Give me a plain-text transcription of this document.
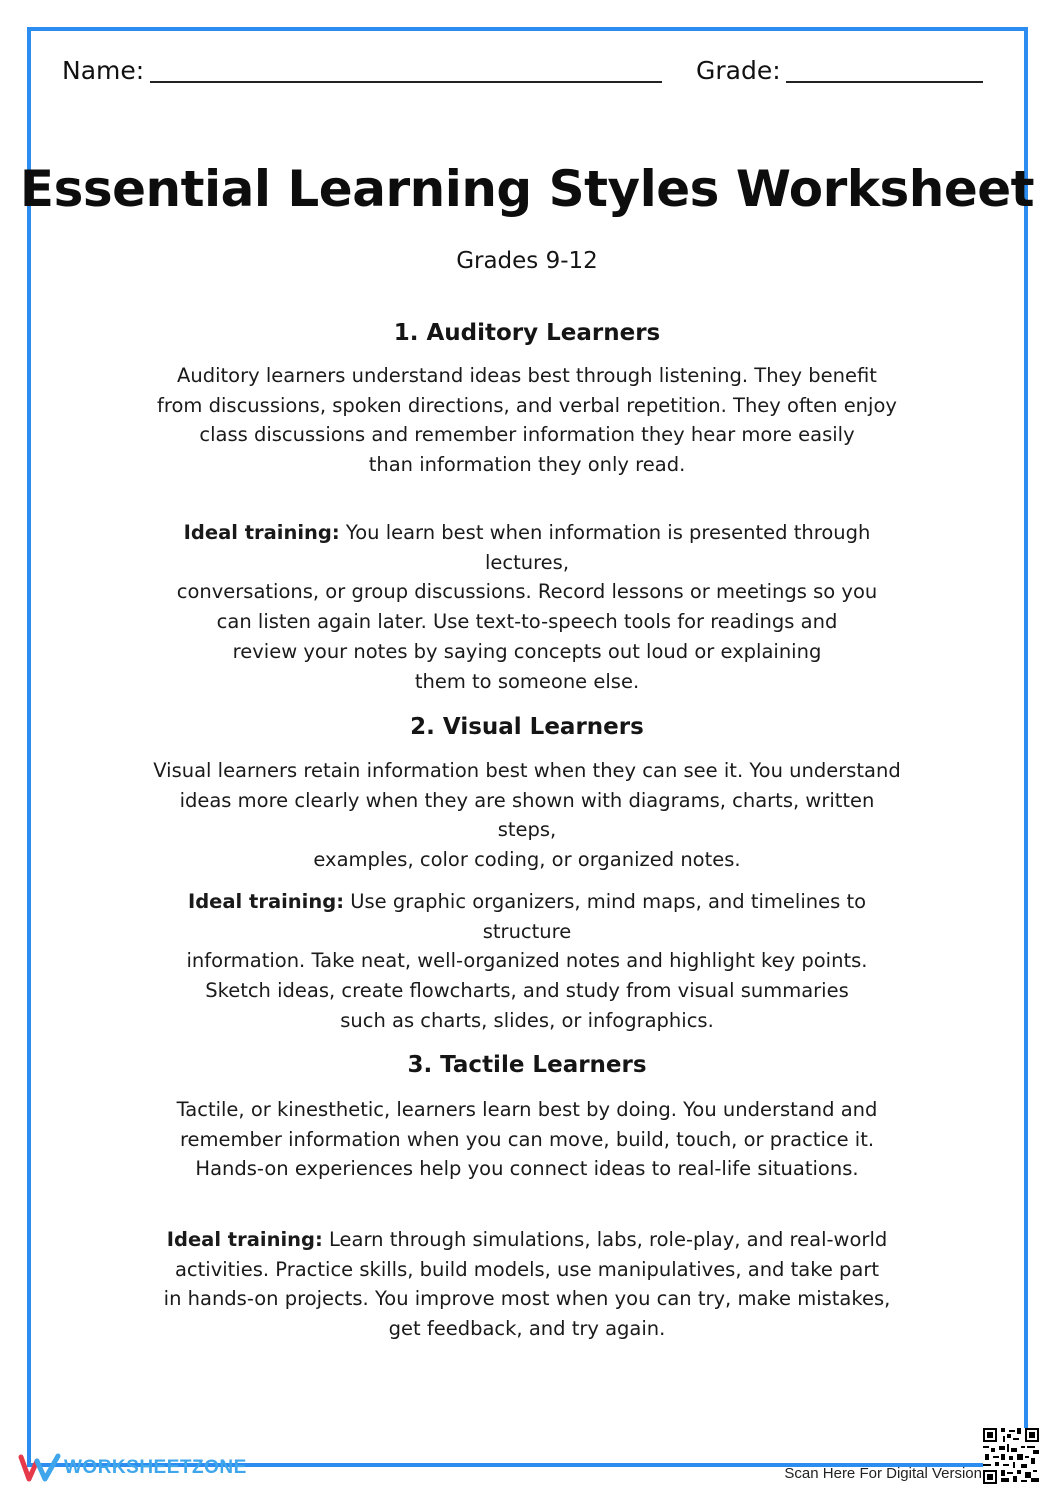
Name:	Grade:
Essential Learning Styles Worksheet
Grades 9-12
1. Auditory Learners
Auditory learners understand ideas best through listening. They benefit
from discussions, spoken directions, and verbal repetition. They often enjoy
class discussions and remember information they hear more easily
than information they only read.
Ideal training: You learn best when information is presented through lectures,
conversations, or group discussions. Record lessons or meetings so you
can listen again later. Use text-to-speech tools for readings and
review your notes by saying concepts out loud or explaining
them to someone else.
2. Visual Learners
Visual learners retain information best when they can see it. You understand
ideas more clearly when they are shown with diagrams, charts, written steps,
examples, color coding, or organized notes.
Ideal training: Use graphic organizers, mind maps, and timelines to structure
information. Take neat, well-organized notes and highlight key points.
Sketch ideas, create flowcharts, and study from visual summaries
such as charts, slides, or infographics.
3. Tactile Learners
Tactile, or kinesthetic, learners learn best by doing. You understand and
remember information when you can move, build, touch, or practice it.
Hands-on experiences help you connect ideas to real-life situations.
Ideal training: Learn through simulations, labs, role-play, and real-world
activities. Practice skills, build models, use manipulatives, and take part
in hands-on projects. You improve most when you can try, make mistakes,
get feedback, and try again.
WORKSHEETZONE	Scan Here For Digital Version
